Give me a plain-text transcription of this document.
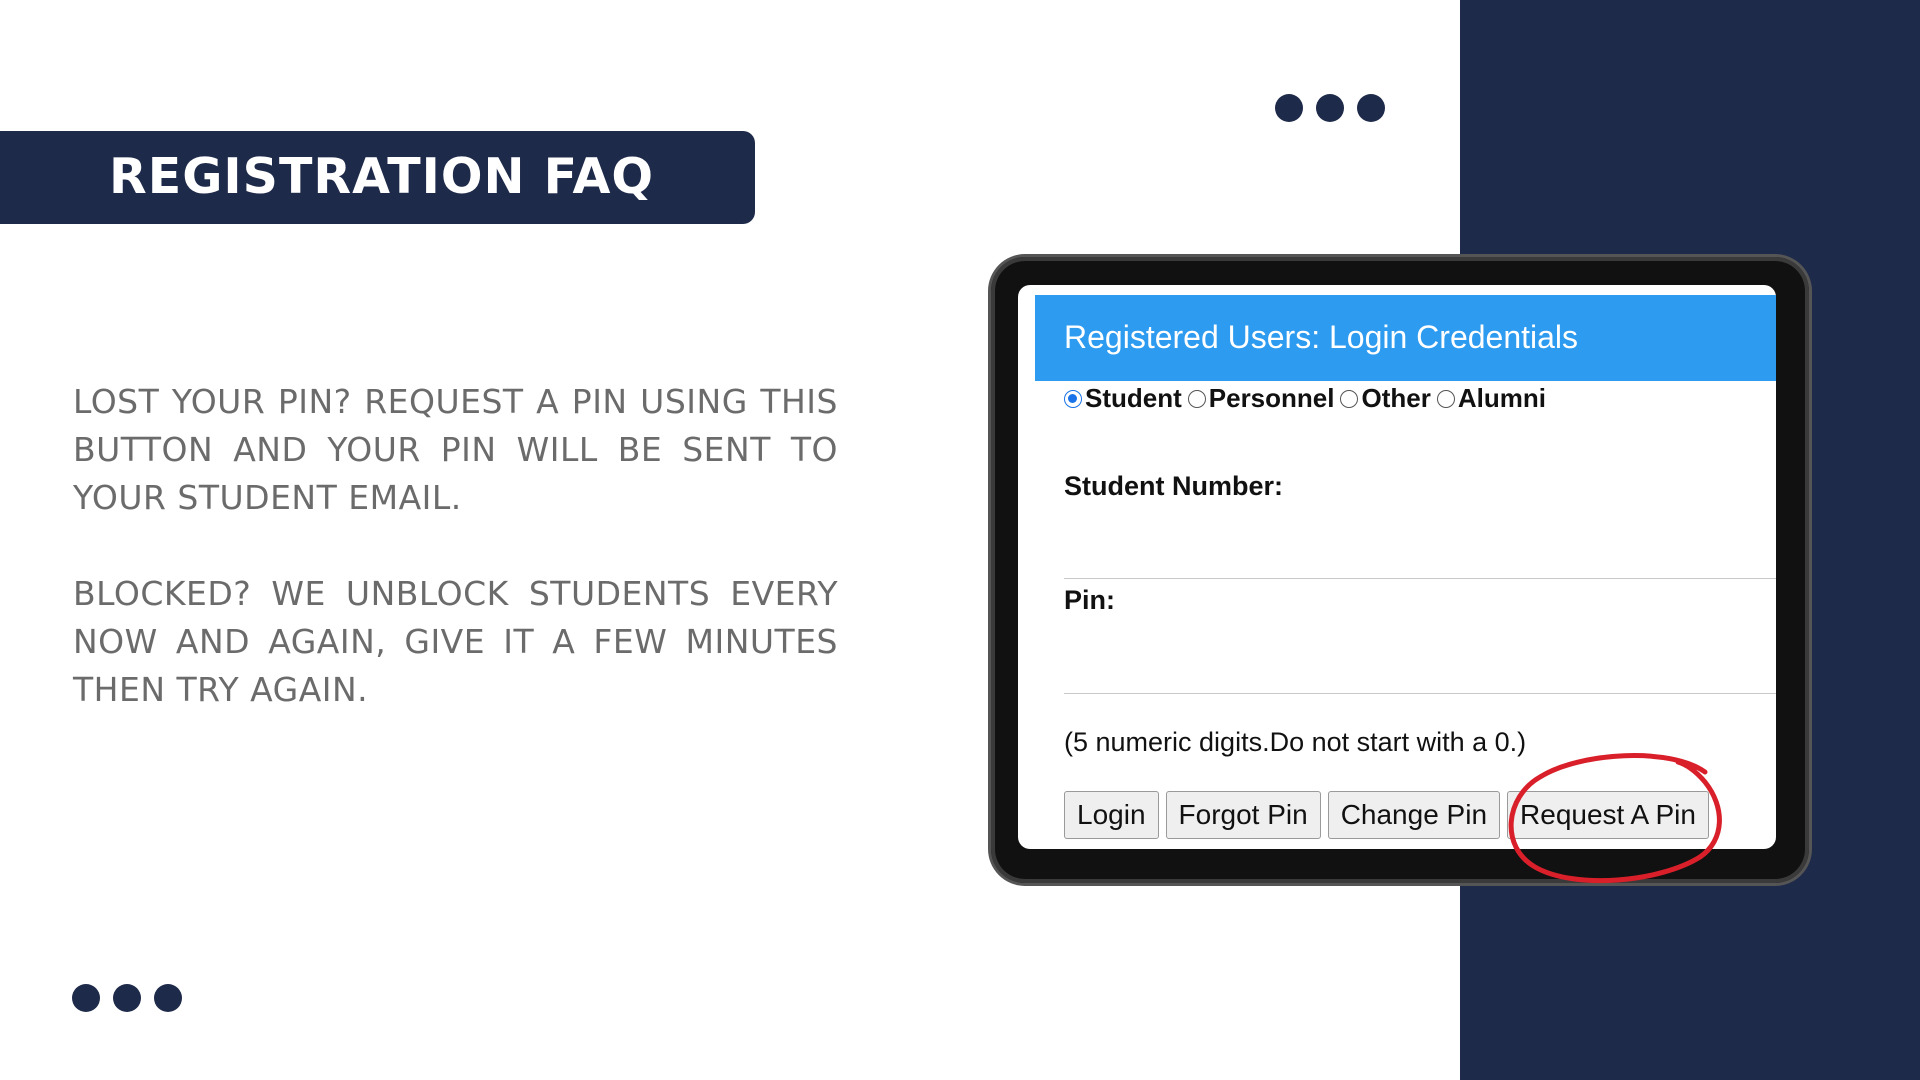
REGISTRATION FAQ

LOST YOUR PIN? REQUEST A PIN USING THIS BUTTON AND YOUR PIN WILL BE SENT TO YOUR STUDENT EMAIL.

BLOCKED? WE UNBLOCK STUDENTS EVERY NOW AND AGAIN, GIVE IT A FEW MINUTES THEN TRY AGAIN.

Registered Users: Login Credentials
Student Personnel Other Alumni
Student Number:
Pin:
(5 numeric digits.Do not start with a 0.)
Login	Forgot Pin	Change Pin	Request A Pin
